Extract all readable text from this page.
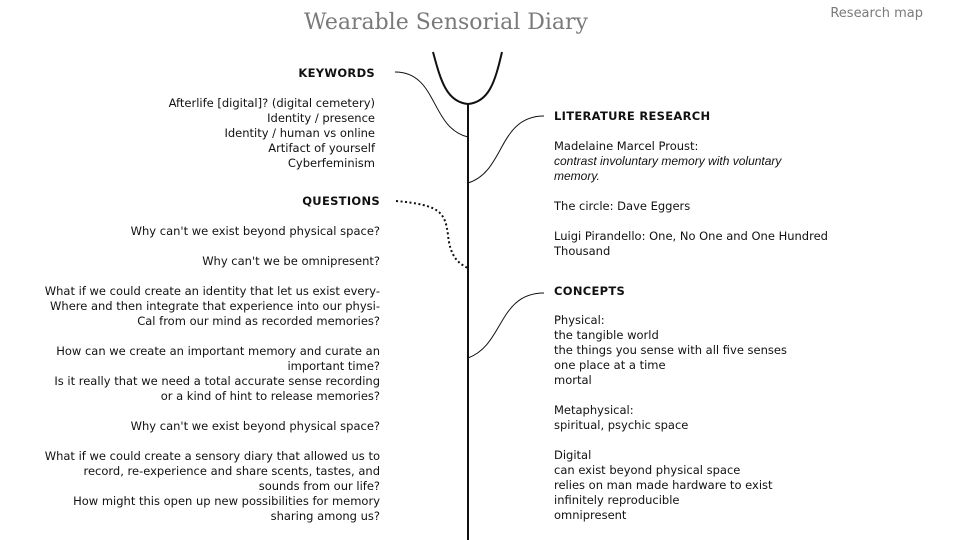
Wearable Sensorial Diary	Research map
KEYWORDS
Afterlife [digital]? (digital cemetery)
Identity / presence
Identity / human vs online
Artifact of yourself
Cyberfeminism
QUESTIONS
Why can't we exist beyond physical space?
Why can't we be omnipresent?
What if we could create an identity that let us exist every-
Where and then integrate that experience into our physi-
Cal from our mind as recorded memories?
How can we create an important memory and curate an
important time?
Is it really that we need a total accurate sense recording
or a kind of hint to release memories?
Why can't we exist beyond physical space?
What if we could create a sensory diary that allowed us to
record, re-experience and share scents, tastes, and
sounds from our life?
How might this open up new possibilities for memory
sharing among us?
LITERATURE RESEARCH
Madelaine Marcel Proust:
contrast involuntary memory with voluntary
memory.
The circle: Dave Eggers
Luigi Pirandello: One, No One and One Hundred
Thousand
CONCEPTS
Physical:
the tangible world
the things you sense with all five senses
one place at a time
mortal
Metaphysical:
spiritual, psychic space
Digital
can exist beyond physical space
relies on man made hardware to exist
infinitely reproducible
omnipresent
